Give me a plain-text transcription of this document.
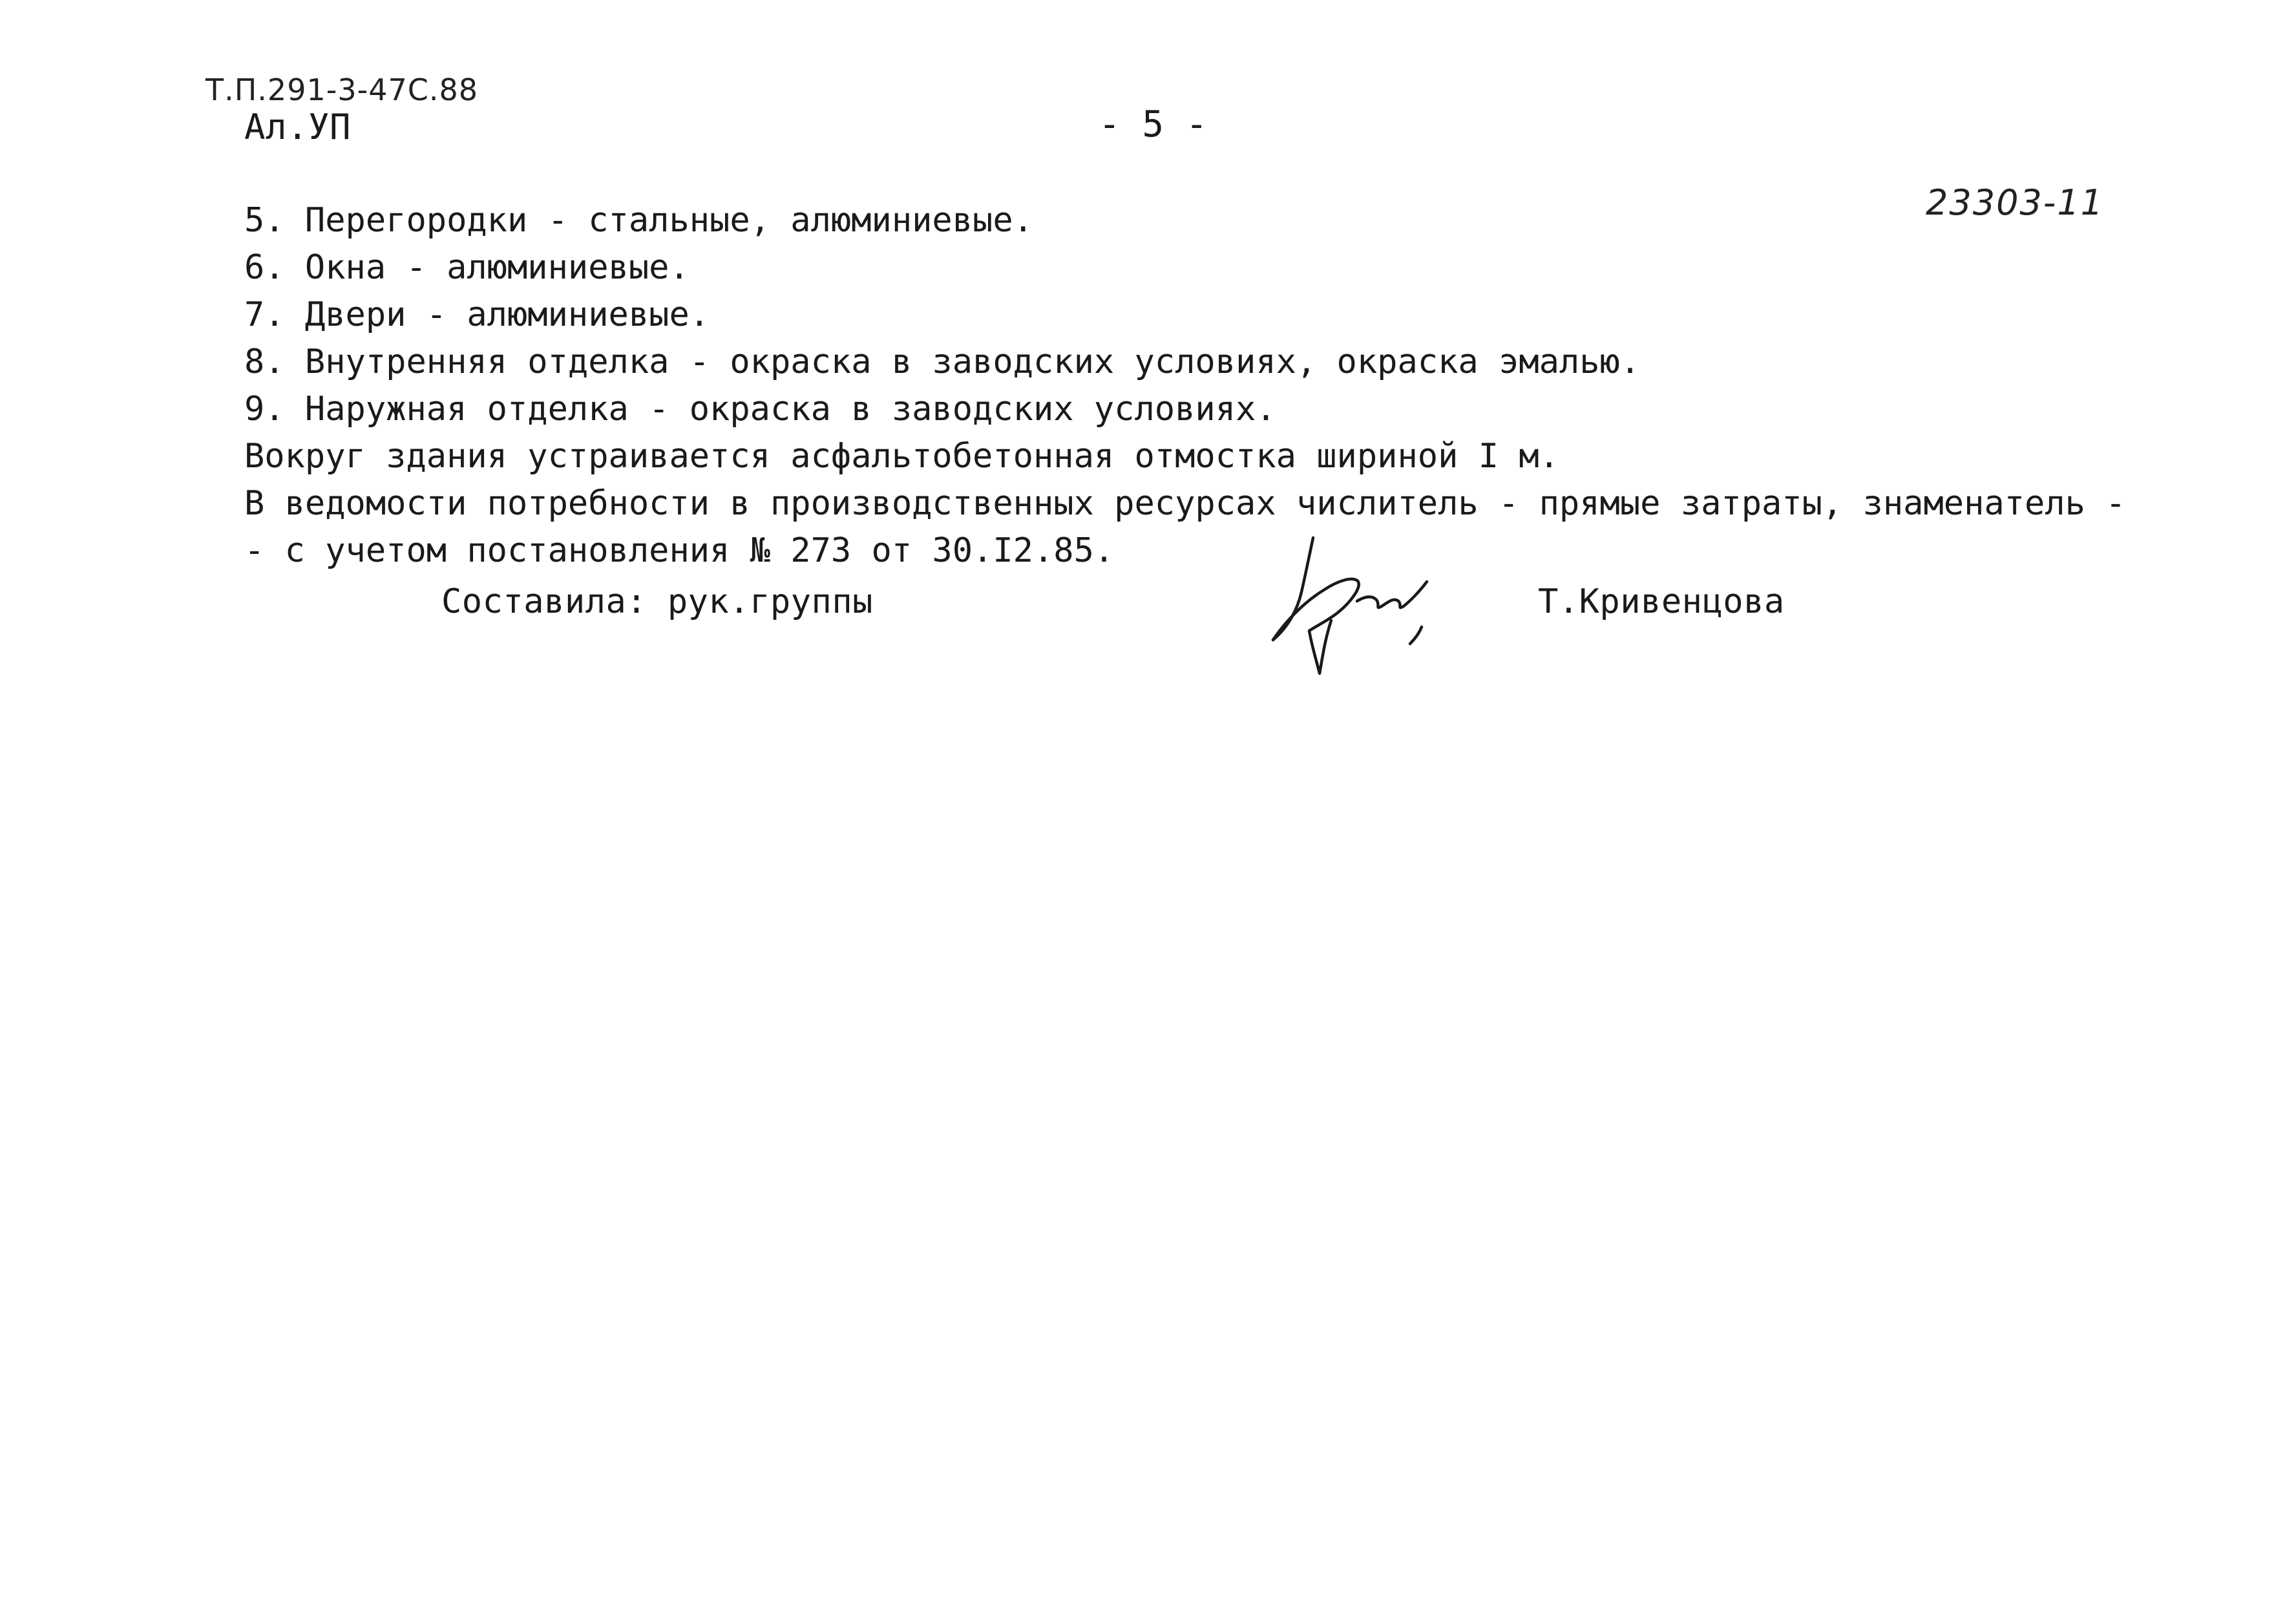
Т.П.291-3-47С.88
Ал.УП	- 5 -
23303-11
5. Перегородки - стальные, алюминиевые.
6. Окна - алюминиевые.
7. Двери - алюминиевые.
8. Внутренняя отделка - окраска в заводских условиях, окраска эмалью.
9. Наружная отделка - окраска в заводских условиях.
Вокруг здания устраивается асфальтобетонная отмостка шириной I м.
В ведомости потребности в производственных ресурсах числитель - прямые затраты, знаменатель -
- с учетом постановления № 273 от 30.I2.85.
Составила: рук.группы	Т.Кривенцова
